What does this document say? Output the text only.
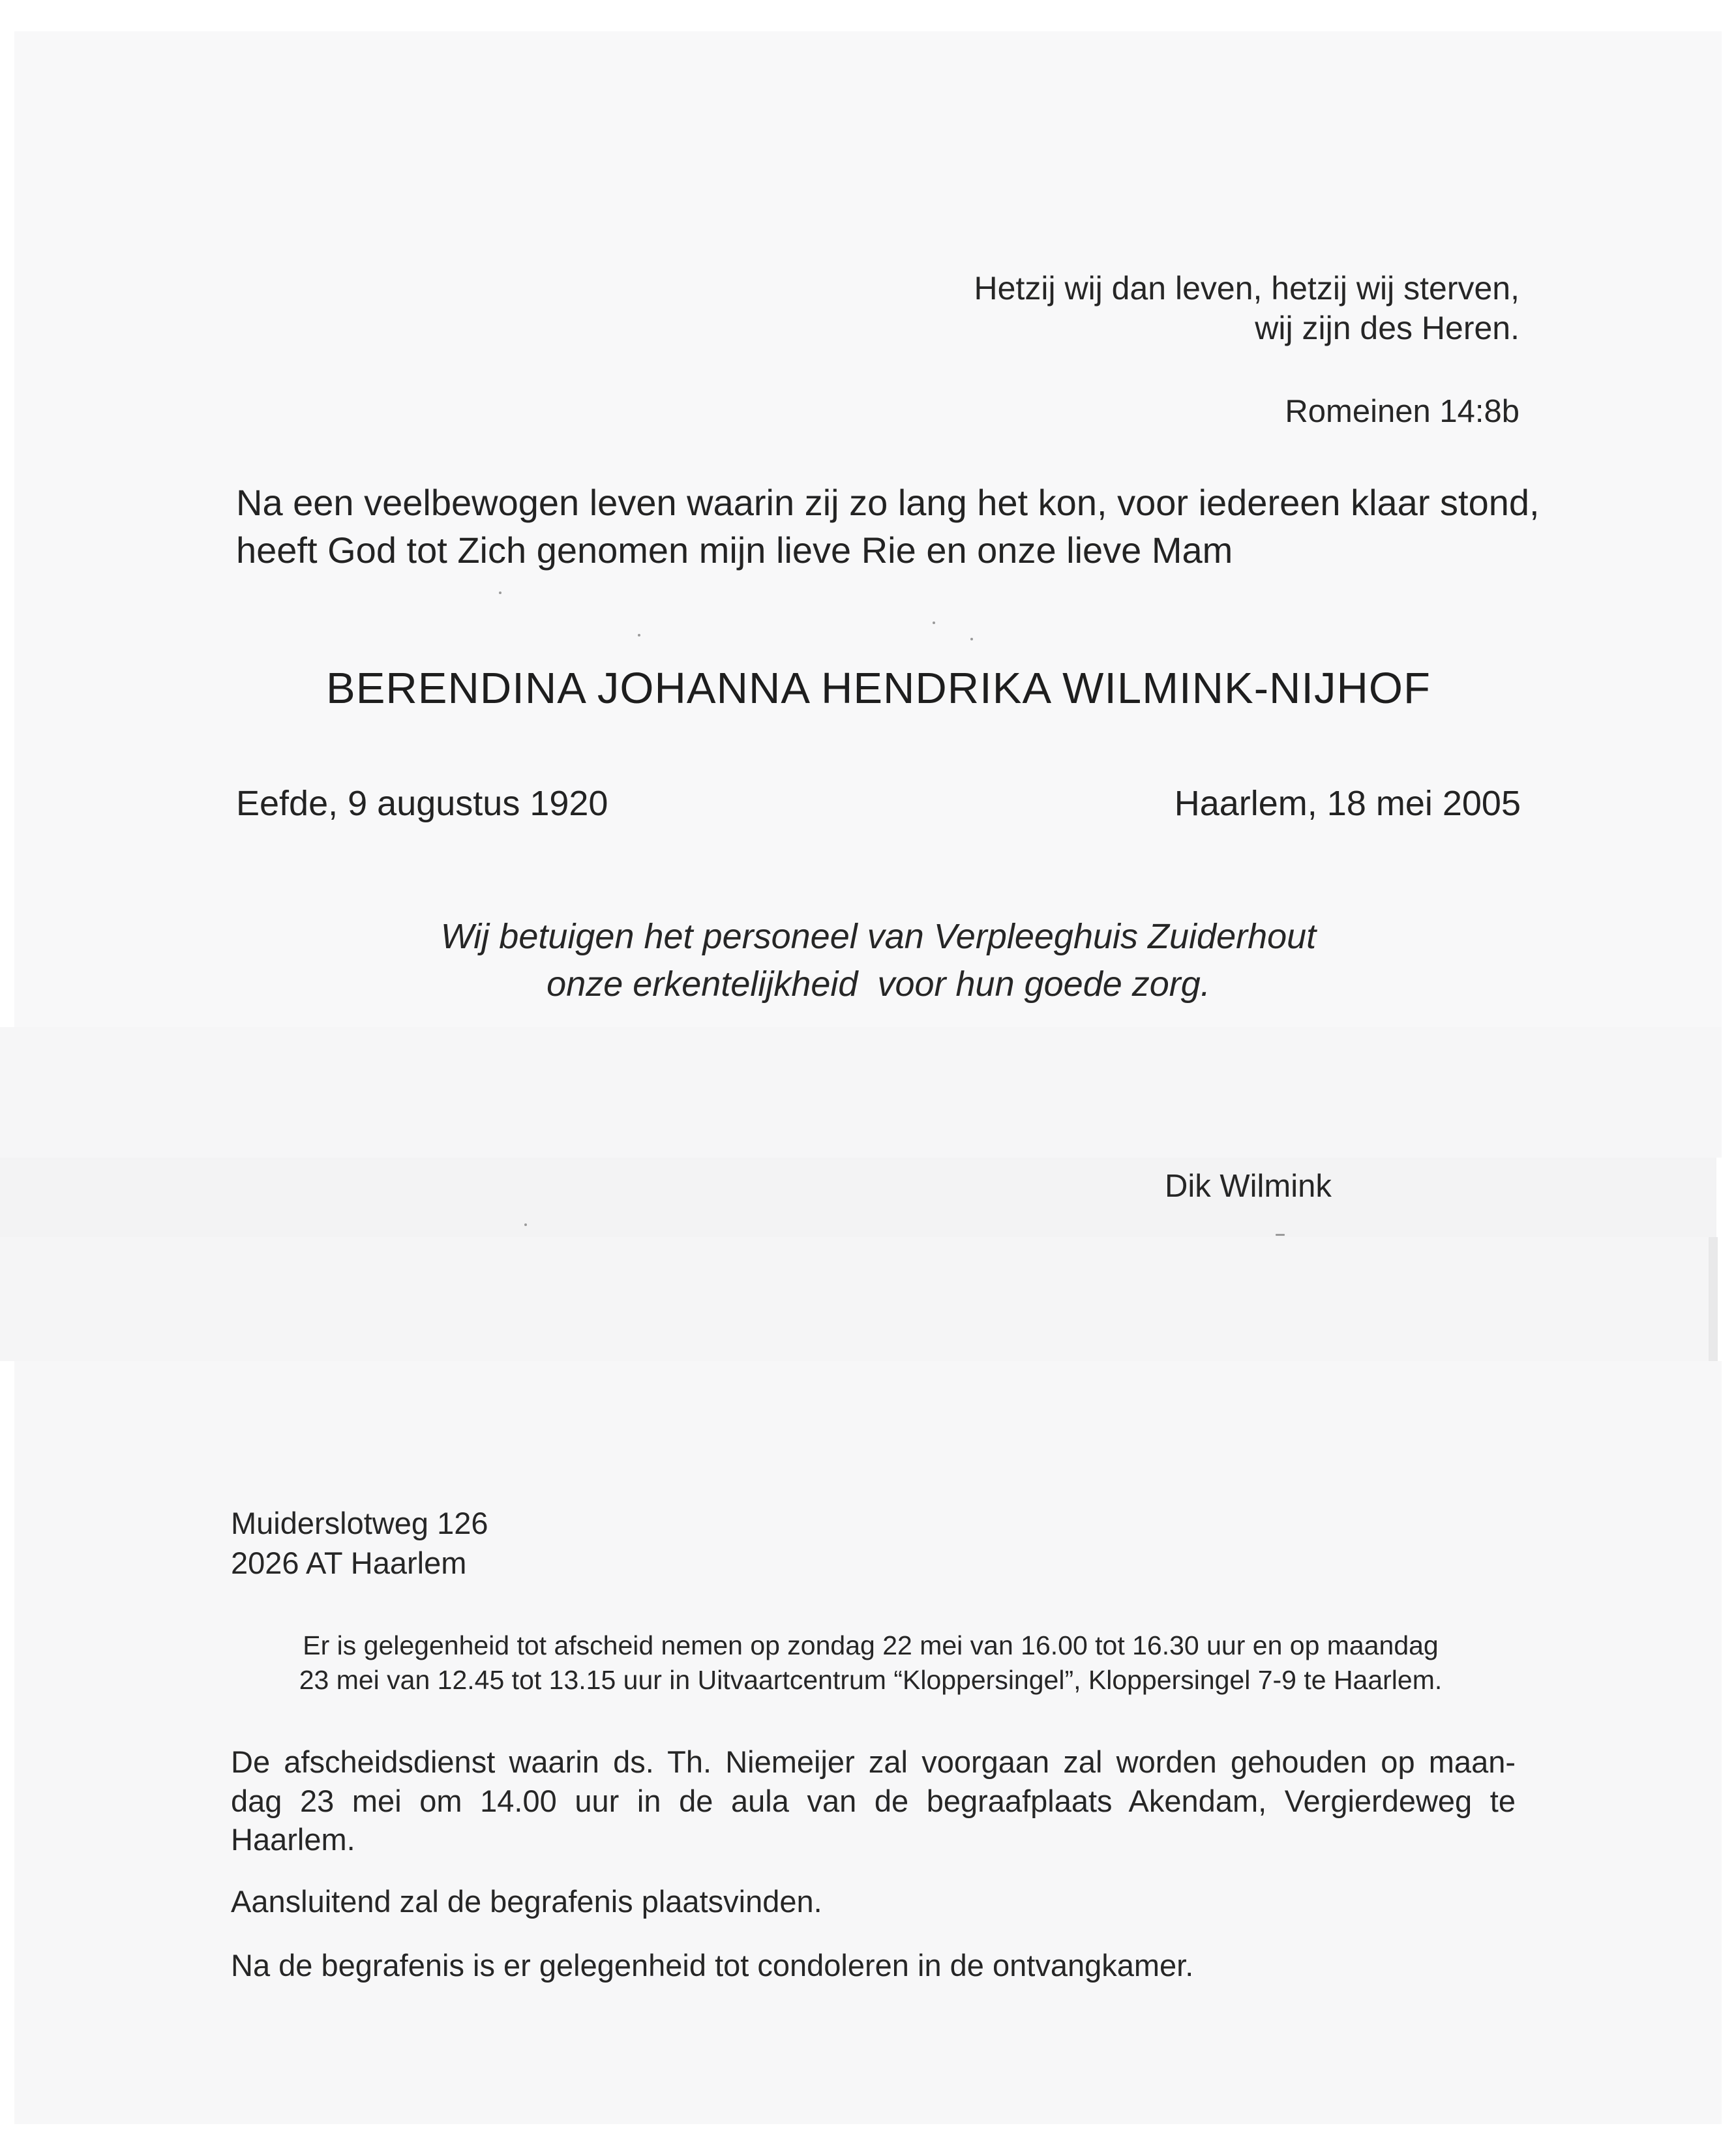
Hetzij wij dan leven, hetzij wij sterven,
wij zijn des Heren.
Romeinen 14:8b
Na een veelbewogen leven waarin zij zo lang het kon, voor iedereen klaar stond,
heeft God tot Zich genomen mijn lieve Rie en onze lieve Mam
BERENDINA JOHANNA HENDRIKA WILMINK-NIJHOF
Eefde, 9 augustus 1920	Haarlem, 18 mei 2005
Wij betuigen het personeel van Verpleeghuis Zuiderhout
onze erkentelijkheid  voor hun goede zorg.
Dik Wilmink
Muiderslotweg 126
2026 AT Haarlem
Er is gelegenheid tot afscheid nemen op zondag 22 mei van 16.00 tot 16.30 uur en op maandag
23 mei van 12.45 tot 13.15 uur in Uitvaartcentrum “Kloppersingel”, Kloppersingel 7-9 te Haarlem.
De afscheidsdienst waarin ds. Th. Niemeijer zal voorgaan zal worden gehouden op maan-
dag 23 mei om 14.00 uur in de aula van de begraafplaats Akendam, Vergierdeweg te
Haarlem.
Aansluitend zal de begrafenis plaatsvinden.
Na de begrafenis is er gelegenheid tot condoleren in de ontvangkamer.
